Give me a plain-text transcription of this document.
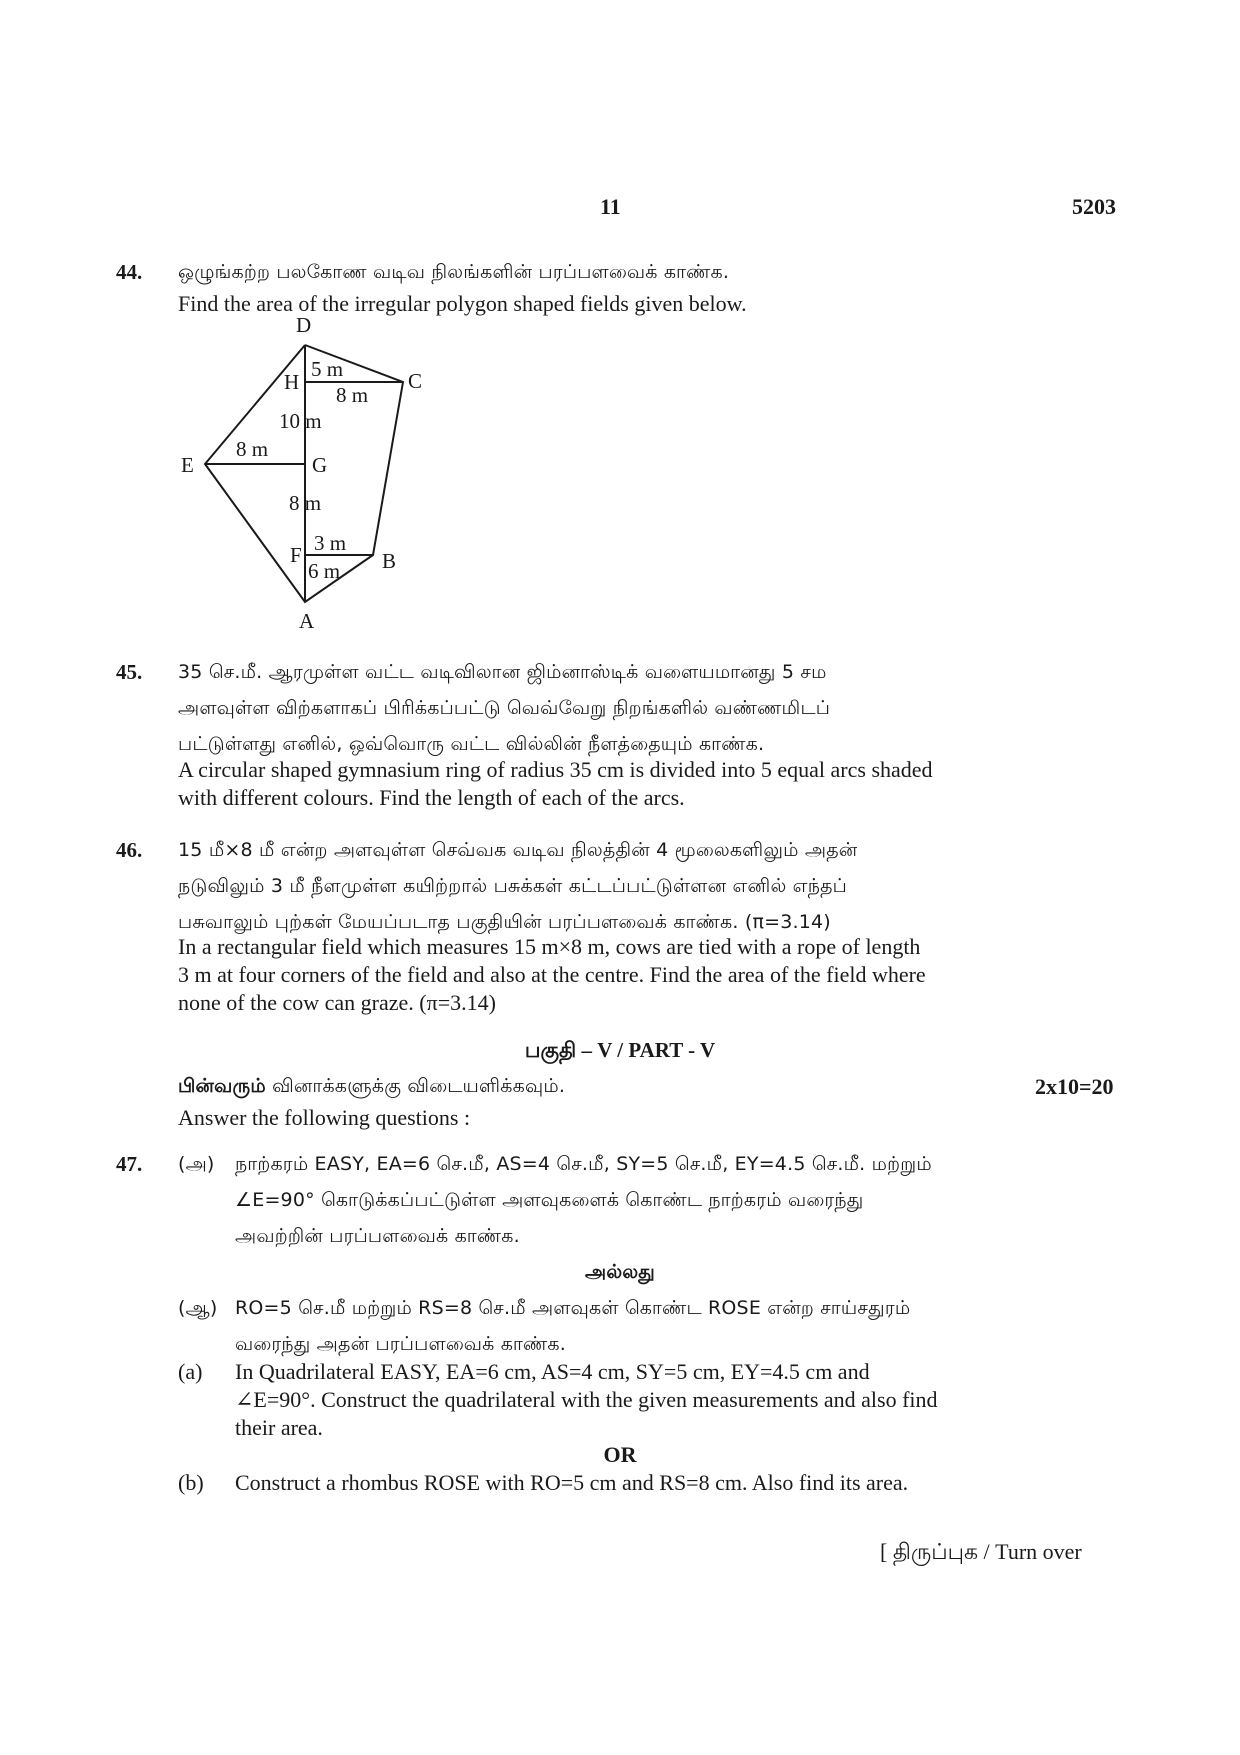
11	5203
44. ஒழுங்கற்ற பலகோண வடிவ நிலங்களின் பரப்பளவைக் காண்க.
Find the area of the irregular polygon shaped fields given below.
D
H	C
E	G
F	B
A
5 m
8 m
10 m
8 m
8 m
3 m
6 m
45. 35 செ.மீ. ஆரமுள்ள வட்ட வடிவிலான ஜிம்னாஸ்டிக் வளையமானது 5 சம
அளவுள்ள விற்களாகப் பிரிக்கப்பட்டு வெவ்வேறு நிறங்களில் வண்ணமிடப்
பட்டுள்ளது எனில், ஒவ்வொரு வட்ட வில்லின் நீளத்தையும் காண்க.
A circular shaped gymnasium ring of radius 35 cm is divided into 5 equal arcs shaded
with different colours. Find the length of each of the arcs.
46. 15 மீ×8 மீ என்ற அளவுள்ள செவ்வக வடிவ நிலத்தின் 4 மூலைகளிலும் அதன்
நடுவிலும் 3 மீ நீளமுள்ள கயிற்றால் பசுக்கள் கட்டப்பட்டுள்ளன எனில் எந்தப்
பசுவாலும் புற்கள் மேயப்படாத பகுதியின் பரப்பளவைக் காண்க. (π=3.14)
In a rectangular field which measures 15 m×8 m, cows are tied with a rope of length
3 m at four corners of the field and also at the centre. Find the area of the field where
none of the cow can graze. (π=3.14)
பகுதி – V / PART - V
பின்வரும் வினாக்களுக்கு விடையளிக்கவும்.	2x10=20
Answer the following questions :
47. (அ) நாற்கரம் EASY, EA=6 செ.மீ, AS=4 செ.மீ, SY=5 செ.மீ, EY=4.5 செ.மீ. மற்றும்
∠E=90° கொடுக்கப்பட்டுள்ள அளவுகளைக் கொண்ட நாற்கரம் வரைந்து
அவற்றின் பரப்பளவைக் காண்க.
அல்லது
(ஆ) RO=5 செ.மீ மற்றும் RS=8 செ.மீ அளவுகள் கொண்ட ROSE என்ற சாய்சதுரம்
வரைந்து அதன் பரப்பளவைக் காண்க.
(a) In Quadrilateral EASY, EA=6 cm, AS=4 cm, SY=5 cm, EY=4.5 cm and
∠E=90°. Construct the quadrilateral with the given measurements and also find
their area.
OR
(b) Construct a rhombus ROSE with RO=5 cm and RS=8 cm. Also find its area.
[ திருப்புக / Turn over
